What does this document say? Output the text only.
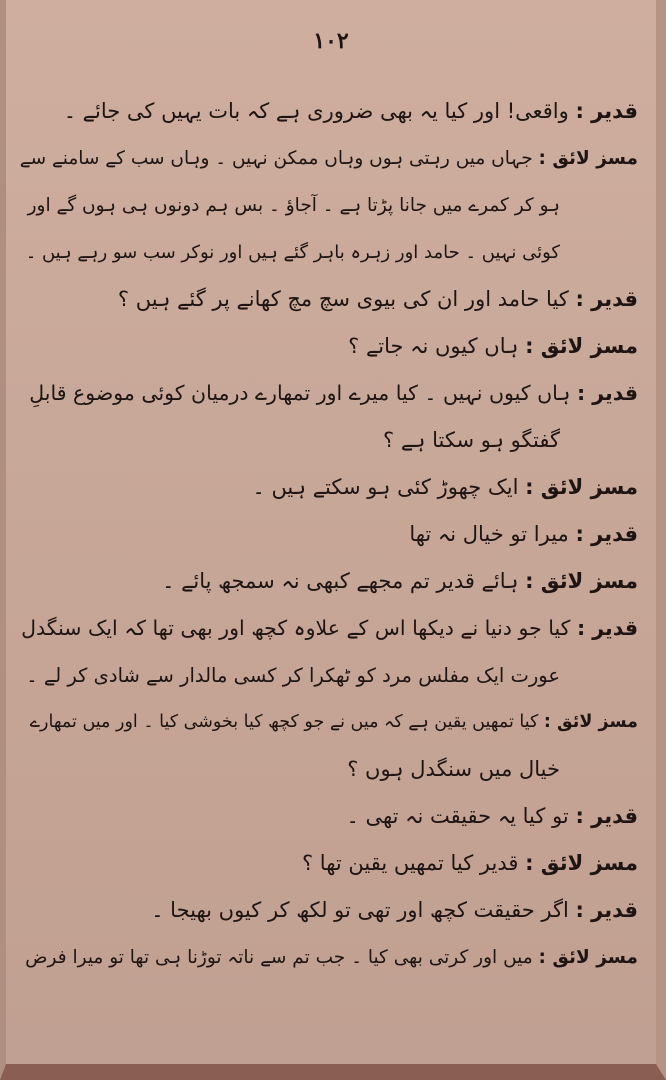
۱۰۲
قدیر : واقعی! اور کیا یہ بھی ضروری ہے کہ بات یہیں کی جائے ۔
مسز لائق : جہاں میں رہتی ہوں وہاں ممکن نہیں ۔ وہاں سب کے سامنے سے
ہو کر کمرے میں جانا پڑتا ہے ۔ آجاؤ ۔ بس ہم دونوں ہی ہوں گے اور
کوئی نہیں ۔ حامد اور زہرہ باہر گئے ہیں اور نوکر سب سو رہے ہیں ۔
قدیر : کیا حامد اور ان کی بیوی سچ مچ کھانے پر گئے ہیں ؟
مسز لائق : ہاں کیوں نہ جاتے ؟
قدیر : ہاں کیوں نہیں ۔ کیا میرے اور تمھارے درمیان کوئی موضوع قابلِ
گفتگو ہو سکتا ہے ؟
مسز لائق : ایک چھوڑ کئی ہو سکتے ہیں ۔
قدیر : میرا تو خیال نہ تھا
مسز لائق : ہائے قدیر تم مجھے کبھی نہ سمجھ پائے ۔
قدیر : کیا جو دنیا نے دیکھا اس کے علاوہ کچھ اور بھی تھا کہ ایک سنگدل
عورت ایک مفلس مرد کو ٹھکرا کر کسی مالدار سے شادی کر لے ۔
مسز لائق : کیا تمھیں یقین ہے کہ میں نے جو کچھ کیا بخوشی کیا ۔ اور میں تمھارے
خیال میں سنگدل ہوں ؟
قدیر : تو کیا یہ حقیقت نہ تھی ۔
مسز لائق : قدیر کیا تمھیں یقین تھا ؟
قدیر : اگر حقیقت کچھ اور تھی تو لکھ کر کیوں بھیجا ۔
مسز لائق : میں اور کرتی بھی کیا ۔ جب تم سے ناتہ توڑنا ہی تھا تو میرا فرض
